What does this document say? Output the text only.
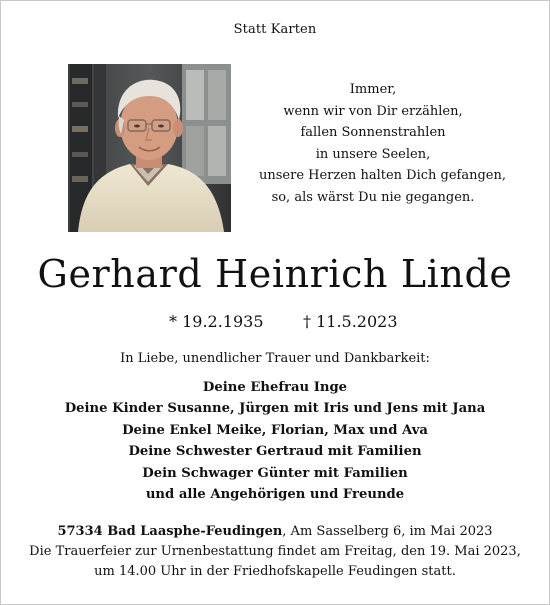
Statt Karten
Immer,
wenn wir von Dir erzählen,
fallen Sonnenstrahlen
in unsere Seelen,
unsere Herzen halten Dich gefangen,
so, als wärst Du nie gegangen.
Gerhard Heinrich Linde
* 19.2.1935 † 11.5.2023
In Liebe, unendlicher Trauer und Dankbarkeit:
Deine Ehefrau Inge
Deine Kinder Susanne, Jürgen mit Iris und Jens mit Jana
Deine Enkel Meike, Florian, Max und Ava
Deine Schwester Gertraud mit Familien
Dein Schwager Günter mit Familien
und alle Angehörigen und Freunde
57334 Bad Laasphe-Feudingen, Am Sasselberg 6, im Mai 2023
Die Trauerfeier zur Urnenbestattung findet am Freitag, den 19. Mai 2023,
um 14.00 Uhr in der Friedhofskapelle Feudingen statt.
